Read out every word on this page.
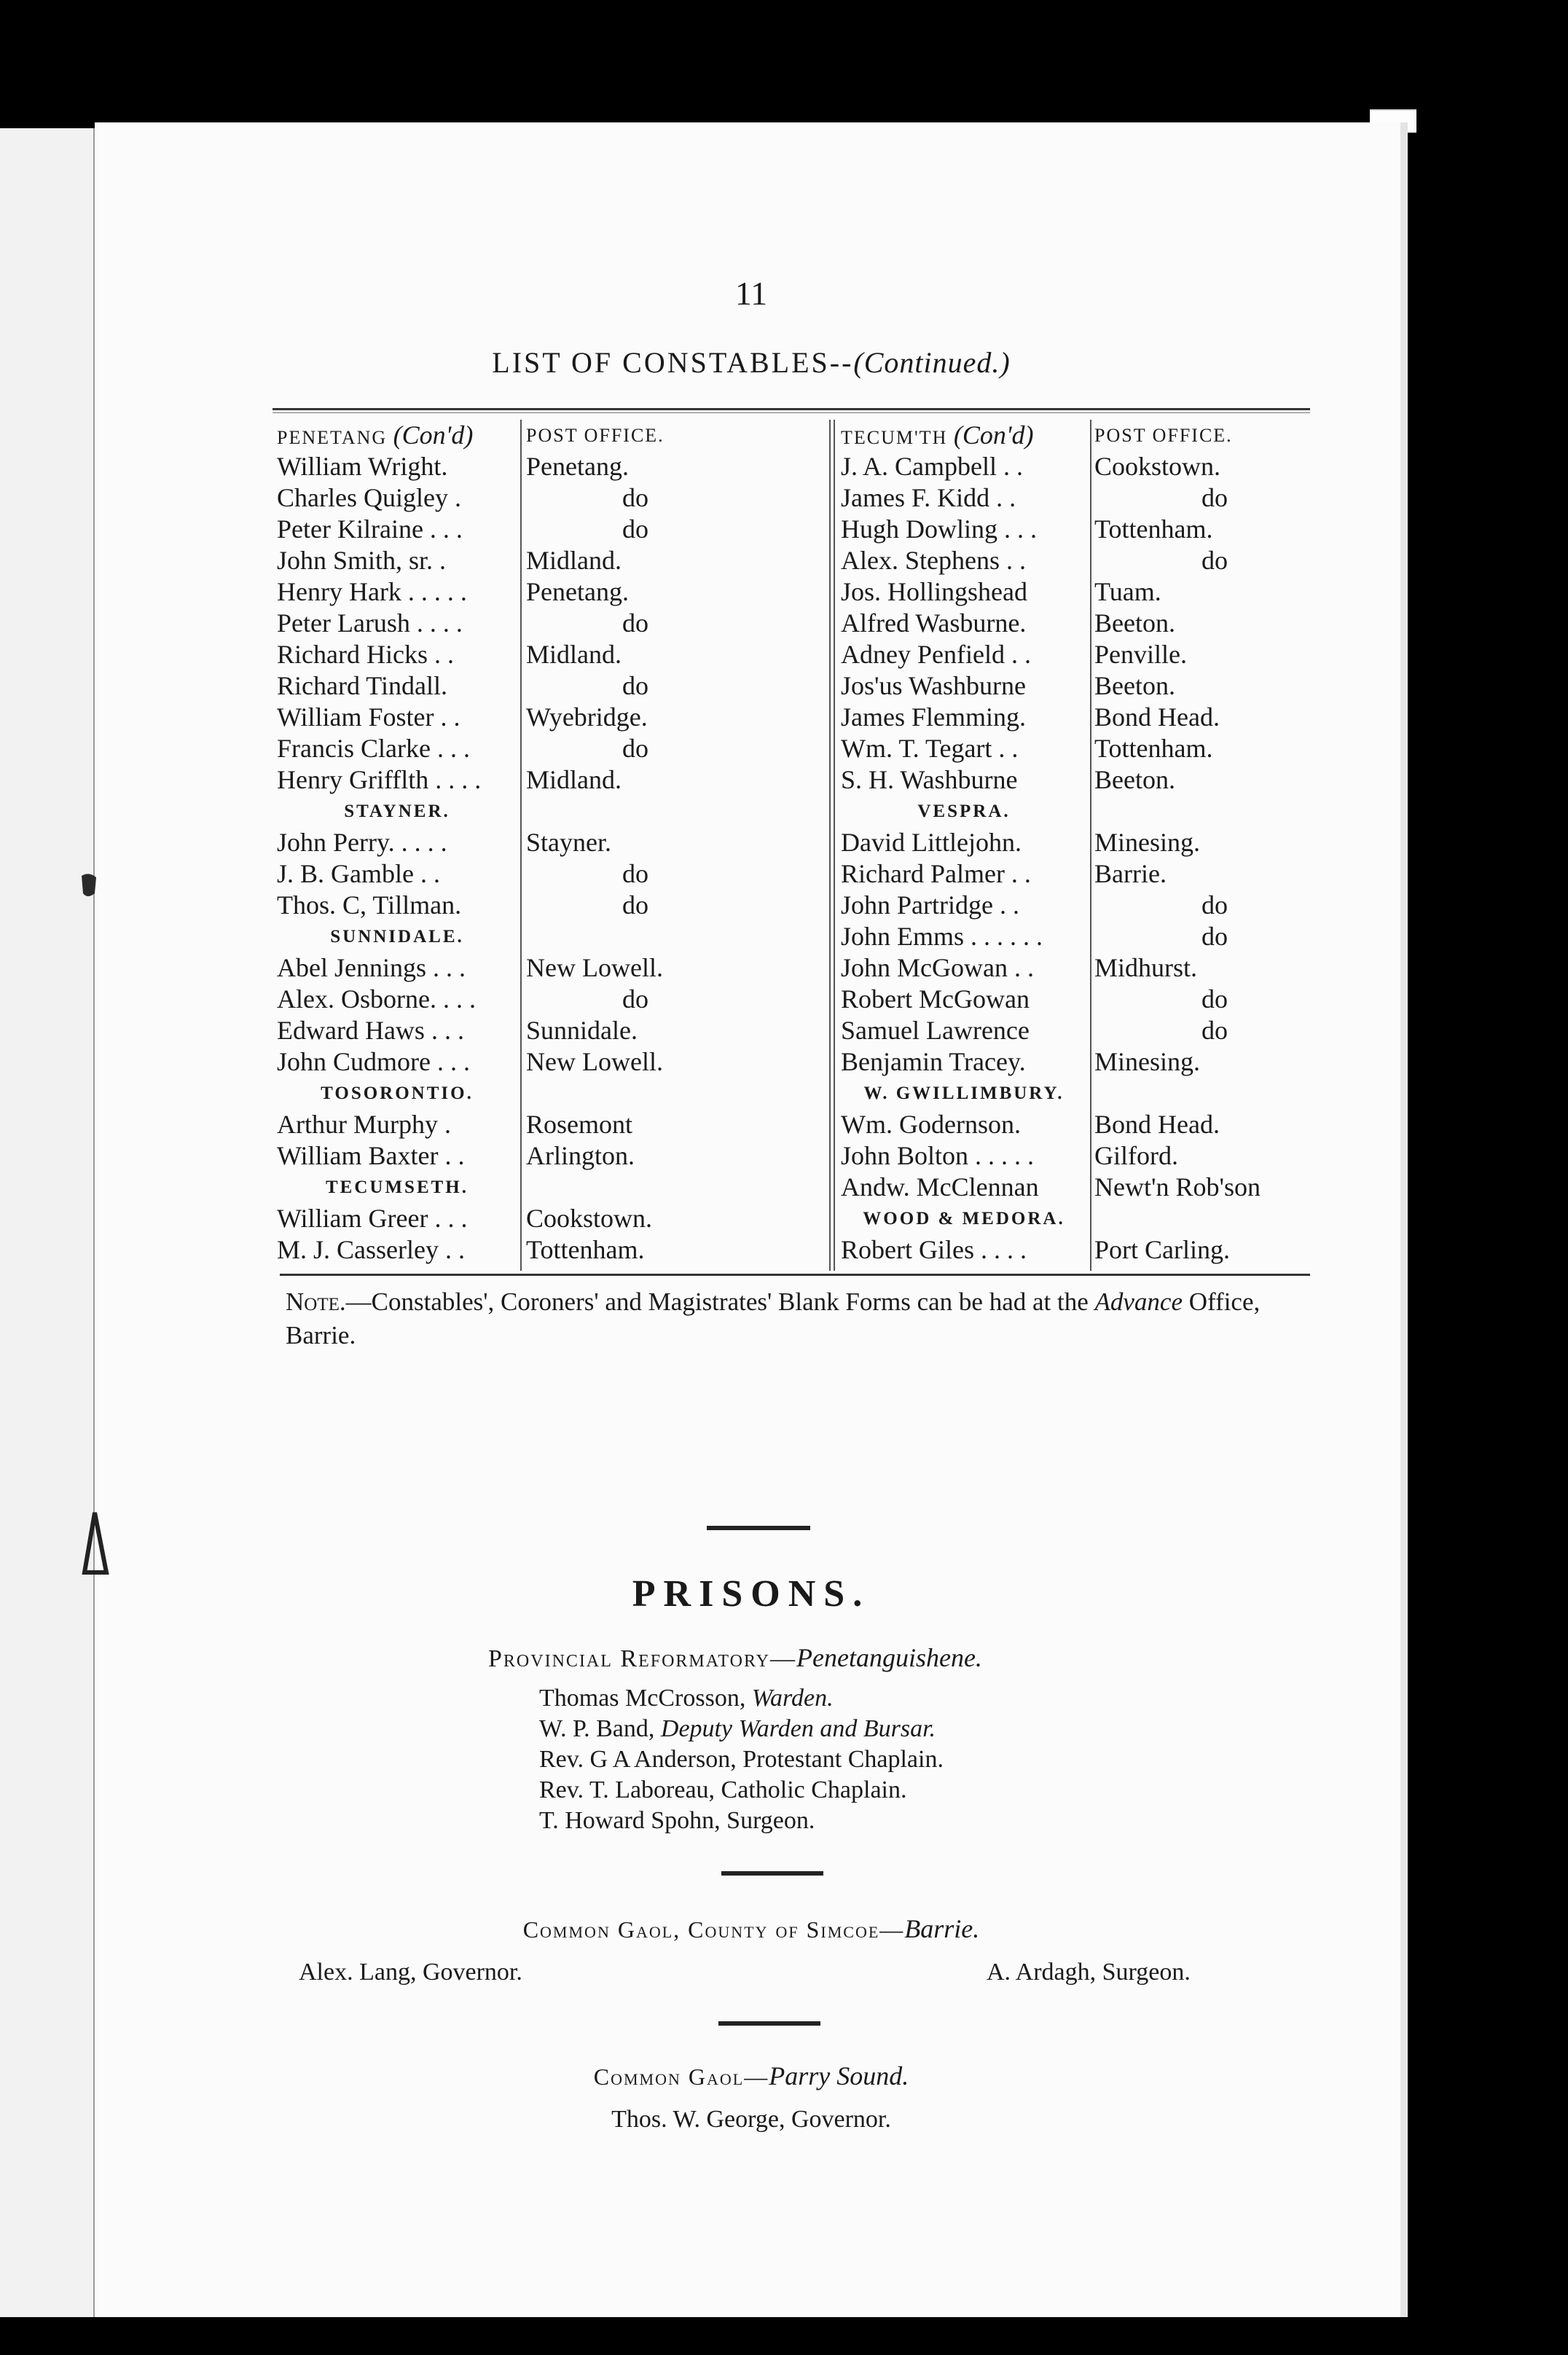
11
LIST OF CONSTABLES--(Continued.)
PENETANG (Con'd)
William Wright.
Charles Quigley .
Peter Kilraine . . .
John Smith, sr. .
Henry Hark . . . . .
Peter Larush . . . .
Richard Hicks . .
Richard Tindall.
William Foster . .
Francis Clarke . . .
Henry Grifflth . . . .
STAYNER.
John Perry. . . . .
J. B. Gamble . .
Thos. C, Tillman.
SUNNIDALE.
Abel Jennings . . .
Alex. Osborne. . . .
Edward Haws . . .
John Cudmore . . .
TOSORONTIO.
Arthur Murphy .
William Baxter . .
TECUMSETH.
William Greer . . .
M. J. Casserley . .
POST OFFICE.
Penetang.
do
do
Midland.
Penetang.
do
Midland.
do
Wyebridge.
do
Midland.
Stayner.
do
do
New Lowell.
do
Sunnidale.
New Lowell.
Rosemont
Arlington.
Cookstown.
Tottenham.
TECUM'TH (Con'd)
J. A. Campbell . .
James F. Kidd . .
Hugh Dowling . . .
Alex. Stephens . .
Jos. Hollingshead
Alfred Wasburne.
Adney Penfield . .
Jos'us Washburne
James Flemming.
Wm. T. Tegart . .
S. H. Washburne
VESPRA.
David Littlejohn.
Richard Palmer . .
John Partridge . .
John Emms . . . . . .
John McGowan . .
Robert McGowan
Samuel Lawrence
Benjamin Tracey.
W. GWILLIMBURY.
Wm. Godernson.
John Bolton . . . . .
Andw. McClennan
WOOD & MEDORA.
Robert Giles . . . .
POST OFFICE.
Cookstown.
do
Tottenham.
do
Tuam.
Beeton.
Penville.
Beeton.
Bond Head.
Tottenham.
Beeton.
Minesing.
Barrie.
do
do
Midhurst.
do
do
Minesing.
Bond Head.
Gilford.
Newt'n Rob'son
Port Carling.
Note.—Constables', Coroners' and Magistrates' Blank Forms can be had at the Advance Office, Barrie.
PRISONS.
Provincial Reformatory—Penetanguishene.
Thomas McCrosson, Warden.
W. P. Band, Deputy Warden and Bursar.
Rev. G A Anderson, Protestant Chaplain.
Rev. T. Laboreau, Catholic Chaplain.
T. Howard Spohn, Surgeon.
Common Gaol, County of Simcoe—Barrie.
Alex. Lang, Governor.	A. Ardagh, Surgeon.
Common Gaol—Parry Sound.
Thos. W. George, Governor.
